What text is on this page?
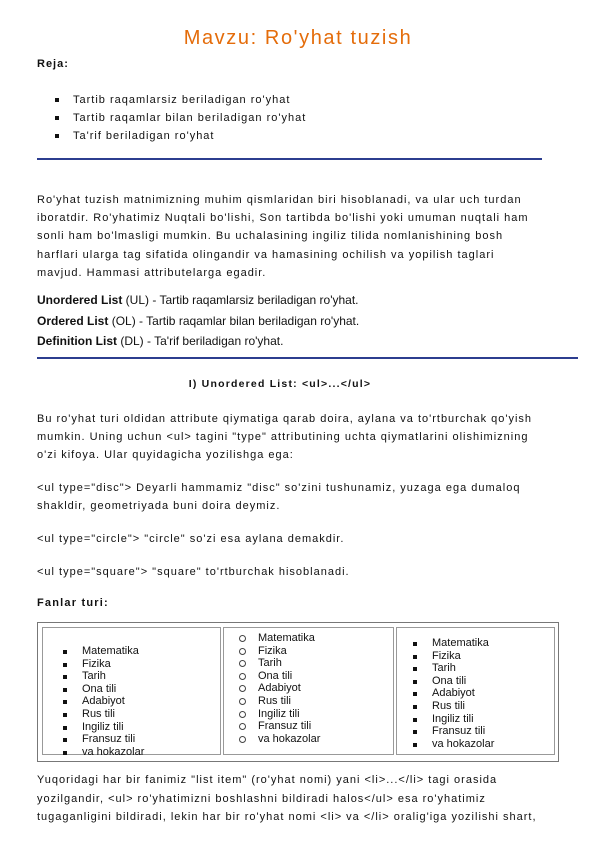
Mavzu: Ro'yhat tuzish
Reja:
Tartib raqamlarsiz beriladigan ro'yhat
Tartib raqamlar bilan beriladigan ro'yhat
Ta'rif beriladigan ro'yhat

Ro'yhat tuzish matnimizning muhim qismlaridan biri hisoblanadi, va ular uch turdan

iboratdir. Ro'yhatimiz Nuqtali bo'lishi, Son tartibda bo'lishi yoki umuman nuqtali ham

sonli ham bo'lmasligi mumkin. Bu uchalasining ingiliz tilida nomlanishining bosh

harflari ularga tag sifatida olingandir va hamasining ochilish va yopilish taglari

mavjud. Hammasi attributelarga egadir.

Unordered List (UL) - Tartib raqamlarsiz beriladigan ro'yhat.

Ordered List (OL) - Tartib raqamlar bilan beriladigan ro'yhat.

Definition List (DL) - Ta'rif beriladigan ro'yhat.

I) Unordered List: <ul>...</ul>

Bu ro'yhat turi oldidan attribute qiymatiga qarab doira, aylana va to'rtburchak qo'yish

mumkin. Uning uchun <ul> tagini "type" attributining uchta qiymatlarini olishimizning

o'zi kifoya. Ular quyidagicha yozilishga ega:

<ul type="disc"> Deyarli hammamiz "disc" so'zini tushunamiz, yuzaga ega dumaloq

shakldir, geometriyada buni doira deymiz.

<ul type="circle"> "circle" so'zi esa aylana demakdir.

<ul type="square"> "square" to'rtburchak hisoblanadi.

Fanlar turi:
Matematika
Fizika
Tarih
Ona tili
Adabiyot
Rus tili
Ingiliz tili
Fransuz tili
va hokazolar
Matematika
Fizika
Tarih
Ona tili
Adabiyot
Rus tili
Ingiliz tili
Fransuz tili
va hokazolar
Matematika
Fizika
Tarih
Ona tili
Adabiyot
Rus tili
Ingiliz tili
Fransuz tili
va hokazolar

Yuqoridagi har bir fanimiz "list item" (ro'yhat nomi) yani <li>...</li> tagi orasida

yozilgandir, <ul> ro'yhatimizni boshlashni bildiradi halos</ul> esa ro'yhatimiz

tugaganligini bildiradi, lekin har bir ro'yhat nomi <li> va </li> oralig'iga yozilishi shart,
